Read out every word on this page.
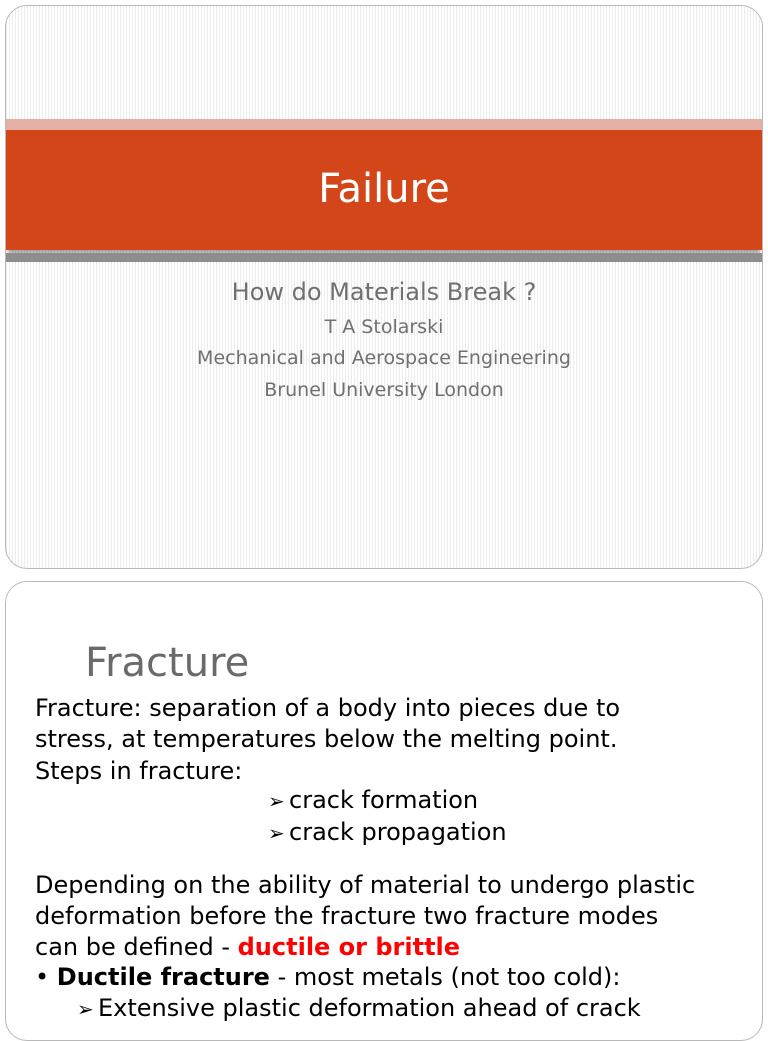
Failure
How do Materials Break ?
T A Stolarski
Mechanical and Aerospace Engineering
Brunel University London
Fracture
Fracture: separation of a body into pieces due to
stress, at temperatures below the melting point.
Steps in fracture:
➢ crack formation
➢ crack propagation
Depending on the ability of material to undergo plastic
deformation before the fracture two fracture modes
can be defined - ductile or brittle
• Ductile fracture - most metals (not too cold):
➢ Extensive plastic deformation ahead of crack
